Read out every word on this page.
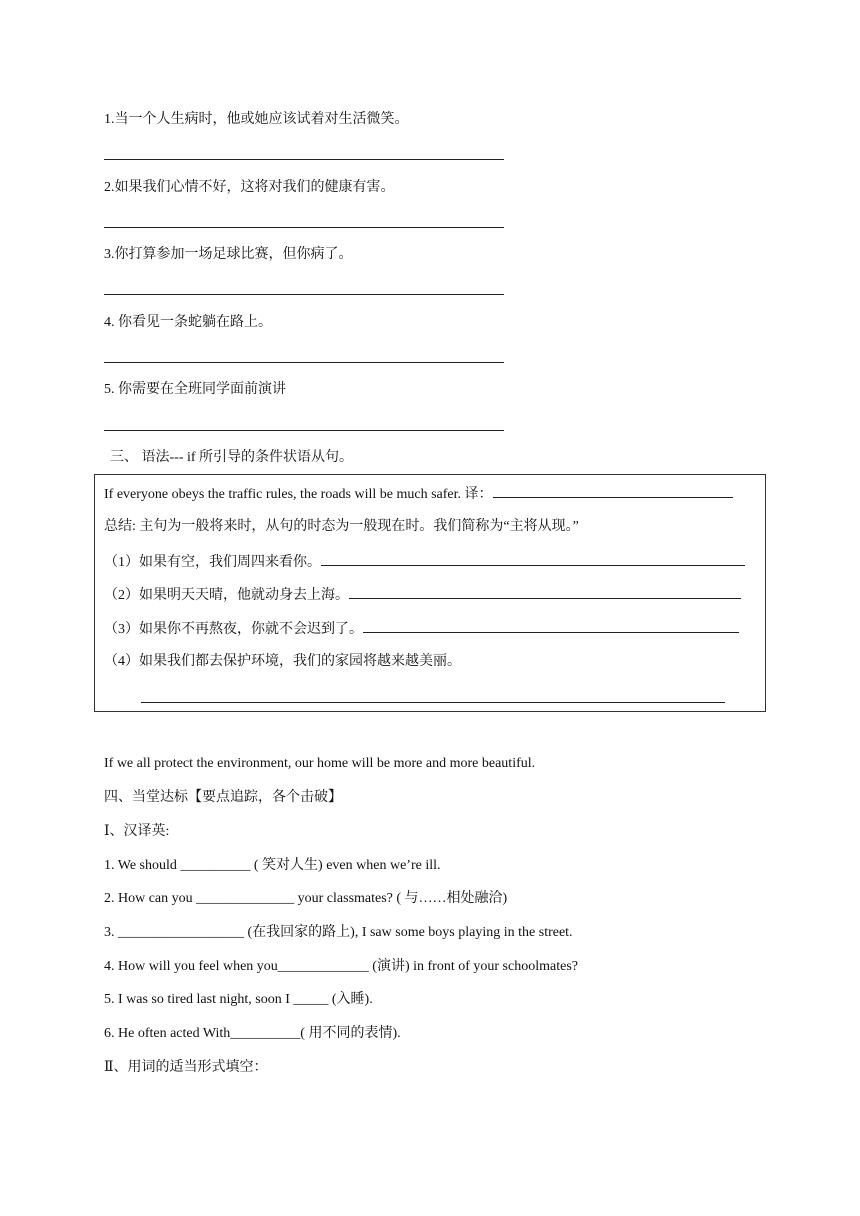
1.当一个人生病时，他或她应该试着对生活微笑。
2.如果我们心情不好，这将对我们的健康有害。
3.你打算参加一场足球比赛，但你病了。
4. 你看见一条蛇躺在路上。
5. 你需要在全班同学面前演讲
三、 语法--- if 所引导的条件状语从句。
If everyone obeys the traffic rules, the roads will be much safer. 译：
总结: 主句为一般将来时，从句的时态为一般现在时。我们简称为“主将从现。”
（1）如果有空，我们周四来看你。
（2）如果明天天晴，他就动身去上海。
（3）如果你不再熬夜，你就不会迟到了。
（4）如果我们都去保护环境，我们的家园将越来越美丽。
If we all protect the environment, our home will be more and more beautiful.
四、当堂达标【要点追踪，各个击破】
Ⅰ、汉译英:
1. We should __________ ( 笑对人生) even when we’re ill.
2. How can you ______________ your classmates? ( 与……相处融洽)
3. __________________ (在我回家的路上), I saw some boys playing in the street.
4. How will you feel when you_____________ (演讲) in front of your schoolmates?
5. I was so tired last night, soon I _____ (入睡).
6. He often acted With__________( 用不同的表情).
Ⅱ、用词的适当形式填空：
